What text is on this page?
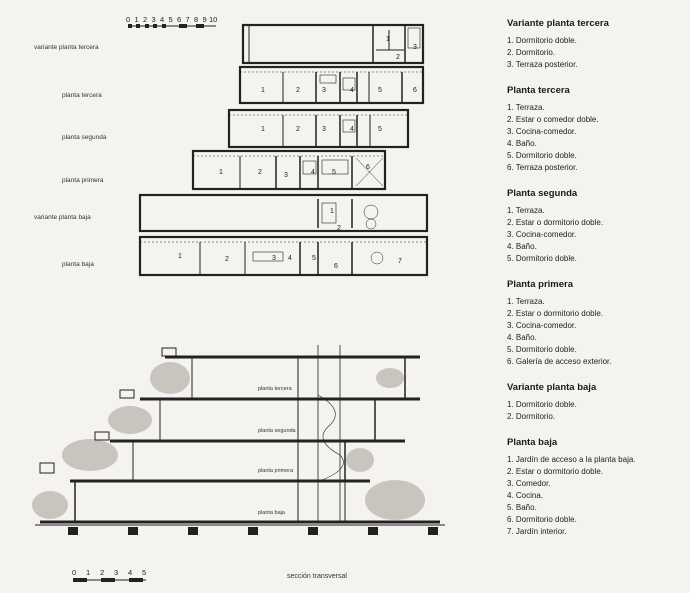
0 1 2 3 4 5 6 7 8 9 10
variante planta tercera
planta tercera
planta segunda
planta primera
variante planta baja
planta baja
1
2
3
1	2	3	4	5	6
1	2	3	4	5
1	2	3	4 5
6
1
2
1	2	3 4	5
6
7
planta tercera
planta segunda
planta primera
planta baja
0 1 2 3 4 5	sección transversal
Variante planta tercera
1. Dormitorio doble.
2. Dormitorio.
3. Terraza posterior.
Planta tercera
1. Terraza.
2. Estar o comedor doble.
3. Cocina-comedor.
4. Baño.
5. Dormitorio doble.
6. Terraza posterior.
Planta segunda
1. Terraza.
2. Estar o dormitorio doble.
3. Cocina-comedor.
4. Baño.
5. Dormitorio doble.
Planta primera
1. Terraza.
2. Estar o dormitorio doble.
3. Cocina-comedor.
4. Baño.
5. Dormitorio doble.
6. Galería de acceso exterior.
Variante planta baja
1. Dormitorio doble.
2. Dormitorio.
Planta baja
1. Jardín de acceso a la planta baja.
2. Estar o dormitorio doble.
3. Comedor.
4. Cocina.
5. Baño.
6. Dormitorio doble.
7. Jardín interior.
